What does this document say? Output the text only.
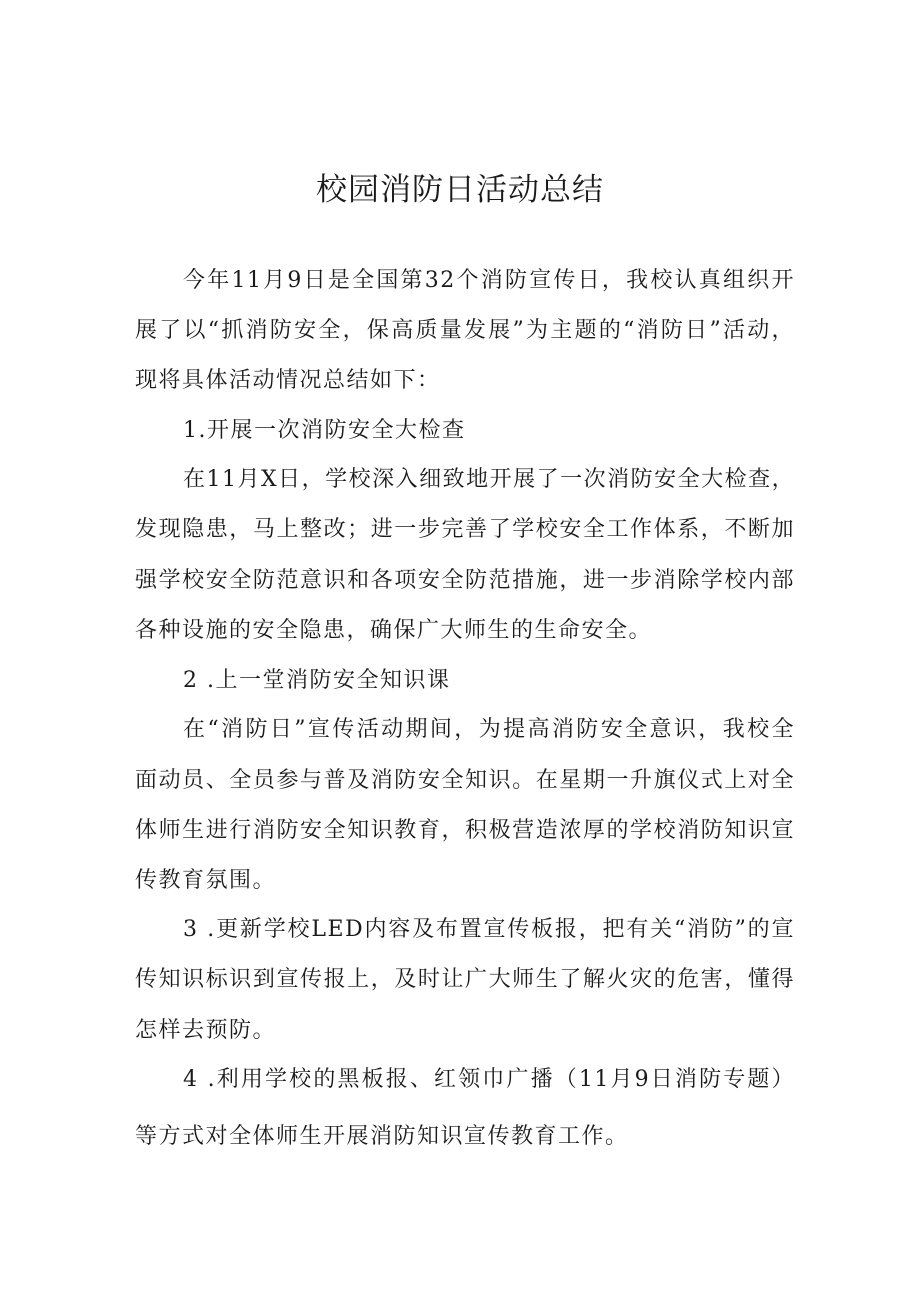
校园消防日活动总结
今年11月9日是全国第32个消防宣传日，我校认真组织开
展了以“抓消防安全，保高质量发展”为主题的“消防日”活动，
现将具体活动情况总结如下：
1.开展一次消防安全大检查
在11月X日，学校深入细致地开展了一次消防安全大检查，
发现隐患，马上整改；进一步完善了学校安全工作体系，不断加
强学校安全防范意识和各项安全防范措施，进一步消除学校内部
各种设施的安全隐患，确保广大师生的生命安全。
2 .上一堂消防安全知识课
在“消防日”宣传活动期间，为提高消防安全意识，我校全
面动员、全员参与普及消防安全知识。在星期一升旗仪式上对全
体师生进行消防安全知识教育，积极营造浓厚的学校消防知识宣
传教育氛围。
3 .更新学校LED内容及布置宣传板报，把有关“消防”的宣
传知识标识到宣传报上，及时让广大师生了解火灾的危害，懂得
怎样去预防。
4 .利用学校的黑板报、红领巾广播（11月9日消防专题）
等方式对全体师生开展消防知识宣传教育工作。
